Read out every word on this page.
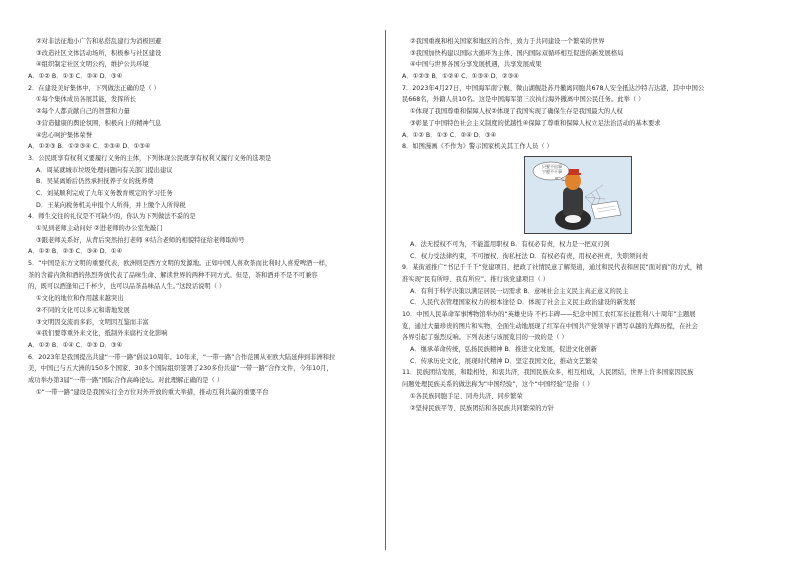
②对非法征地小广告和私搭乱建行为消极回避
③改造社区文体活动场所，积极参与社区建设
④组织制定社区文明公约，维护公共环境
A．①② B．①③ C．②④ D．③④
2．在建设美好集体中，下列做法正确的是（ ）
①每个集体成员各展其能，发挥所长
②每个人都贡献自己的智慧和力量
③营造健康的舆论氛围，积极向上的精神气息
④忠心呵护集体荣誉
A．①②③ B．①②③④ C．②③④ D．①③④
3．公民既享有权利又要履行义务的主体，下列体现公民既享有权利又履行义务的选项是
A．周某就城市垃圾处理问题向有关部门提出建议
B．吴某离婚后仍然承担抚养子女的抚养费
C．刘某顺利完成了九年义务教育规定的学习任务
D．王某向税务机关申报个人所得，并上缴个人所得税
4．师生交往的礼仪是不可缺少的，你认为下列做法不妥的是
①见到老师主动问好 ②进老师的办公室先敲门
③跟老师关系好，从背后突然拍打老师 ④结合老师的相貌特征给老师取绰号
A．①② B．②③ C．③④ D．①④
5．“中国是东方文明的重要代表，欧洲则是西方文明的发源地。正如中国人喜欢茶而比利时人喜爱啤酒一样，
茶的含蓄内敛和酒的热烈奔放代表了品味生命、解读世界的两种不同方式。但是，茶和酒并不是不可兼容
的，既可以酒逢知己千杯少，也可以品茶品味品人生。”这段话说明（ ）
①文化的地位和作用越来越突出
②不同的文化可以多元和谐地发展
③文明因交流而多彩，文明因互鉴而丰富
④我们要尊重外来文化，抵制外来腐朽文化影响
A．①② B．①④ C．②③ D．③④
6．2023年是我国提出共建“一带一路”倡议10周年。10年来，“一带一路”合作范围从亚欧大陆延伸到非洲和拉
美，中国已与五大洲的150多个国家、30多个国际组织签署了230多份共建“一带一路”合作文件，今年10月，
成功举办第3届“一带一路”国际合作高峰论坛。对此理解正确的是（ ）
①“一带一路”建设是我国实行全方位对外开放的重大举措，推动互利共赢的重要平台
②我国重视和相关国家和地区的合作，致力于共同建设一个繁荣的世界
③我国加快构建以国际大循环为主体、国内国际双循环相互促进的新发展格局
④中国与世界各国分享发展机遇，共享发展成果
A．①②③ B．①②④ C．①③④ D．②③④
7．2023年4月27日，中国海军南宁舰、微山湖舰赴苏丹撤离同胞共678人安全抵达沙特吉达港，其中中国公
民668名，外籍人员10名。这是中国海军第三次执行海外撤离中国公民任务。此举（ ）
①体现了我国尊重和保障人权②体现了我国实现了确保生存是我国最大的人权
③彰显了中国特色社会主义制度的优越性④保障了尊重和保障人权立足法治活动的基本要求
A．①② B．①③ C．②④ D．③④
8．如图漫画《不作为》警示国家机关其工作人员（ ）
只要不出事
宁愿不干事
A．法无授权不可为，不能滥用职权 B．有权必有责，权力是一把双刃剑
C．权力受法律约束，不可擅权、徇私枉法 D．有权必有责，用权必担责，失职须问责
9．某街道推广“书记千千千”党建项目，把政了社情民意了解渠道，通过和民代表和居民“面对面”的方式，精
准实现“民有所呼、我有所应”。推行该党建项目（ ）
A．有利于科学决策以满足居民一切需求 B．意味社会主义民主真正意义的民主
C．人民代表管理国家权力的根本途径 D．体现了社会主义民主政治建设的新发展
10．中国人民革命军事博物馆举办的“英雄史诗 不朽丰碑——纪念中国工农红军长征胜利八十周年”主题展
览，通过大量珍贵的图片和实物，全面生动地展现了红军在中国共产党领导下谱写卓越的光辉历程，在社会
各界引起了强烈反响。下列表述与该展览目的一致的是（ ）
A．继承革命传统，弘扬民族精神 B．推进文化发展，促进文化创新
C．传承历史文化，展现时代精神 D．坚定我国文化，推动文艺繁荣
11．民族团结发展，和睦相处，和衷共济，我国民族众多，相互相成，人民团结，世界上许多国家因民族
问题处理民族关系的做法称为“中国经验”，这个“中国经验”是指（ ）
①各民族同胞手足、同舟共济、同步繁荣
②坚持民族平等、民族团结和各民族共同繁荣的方针
